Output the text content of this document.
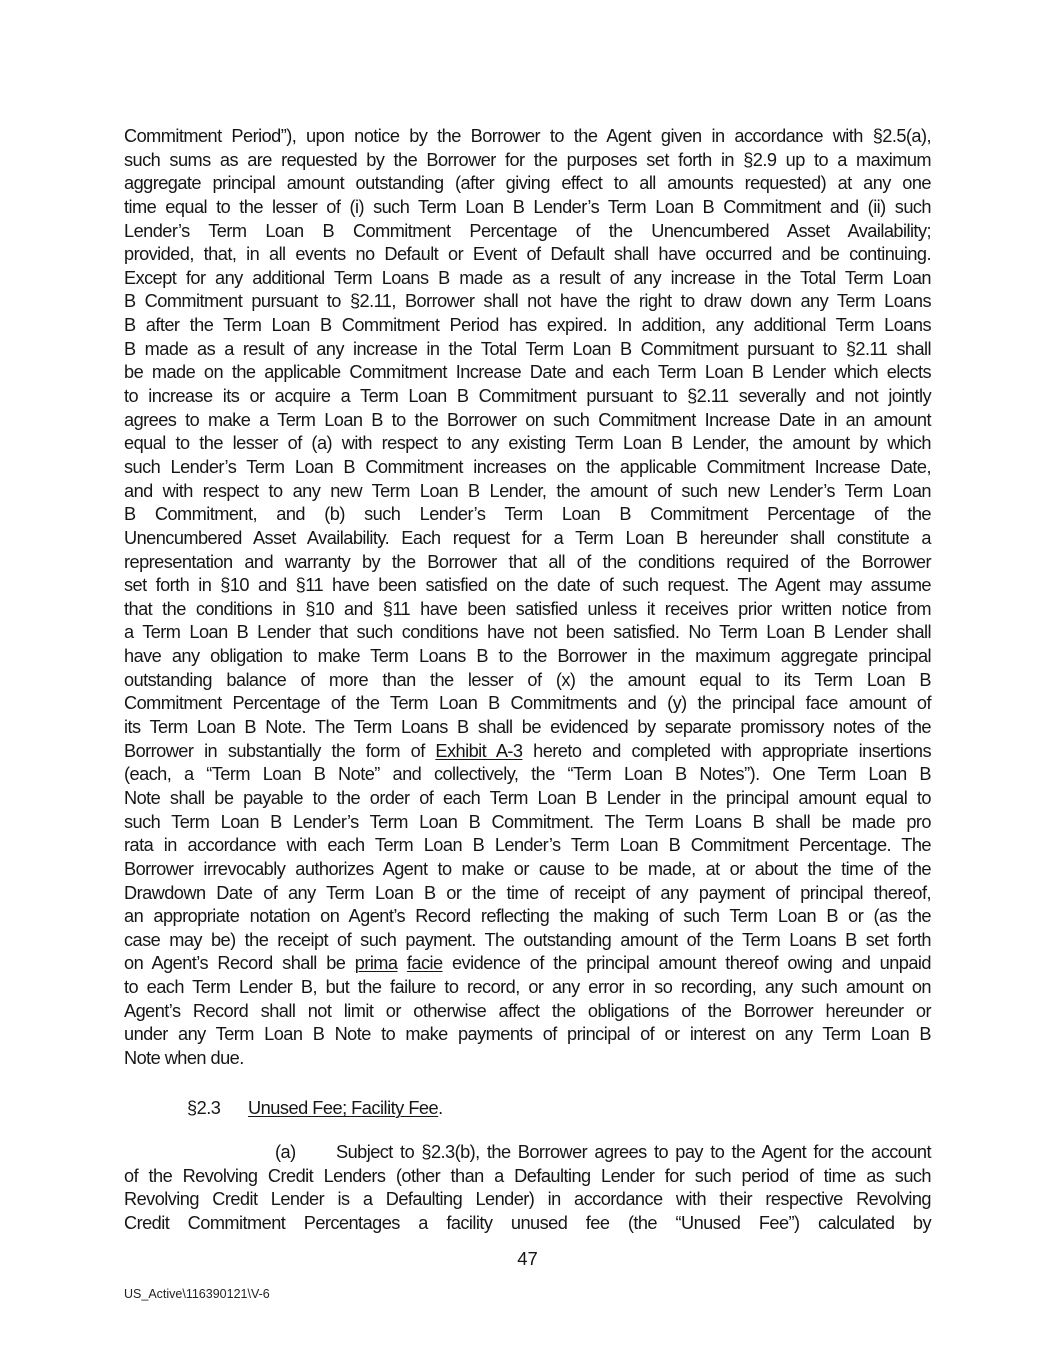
Commitment Period”), upon notice by the Borrower to the Agent given in accordance with §2.5(a),
such sums as are requested by the Borrower for the purposes set forth in §2.9 up to a maximum
aggregate principal amount outstanding (after giving effect to all amounts requested) at any one
time equal to the lesser of (i) such Term Loan B Lender’s Term Loan B Commitment and (ii) such
Lender’s Term Loan B Commitment Percentage of the Unencumbered Asset Availability;
provided, that, in all events no Default or Event of Default shall have occurred and be continuing.
Except for any additional Term Loans B made as a result of any increase in the Total Term Loan
B Commitment pursuant to §2.11, Borrower shall not have the right to draw down any Term Loans
B after the Term Loan B Commitment Period has expired. In addition, any additional Term Loans
B made as a result of any increase in the Total Term Loan B Commitment pursuant to §2.11 shall
be made on the applicable Commitment Increase Date and each Term Loan B Lender which elects
to increase its or acquire a Term Loan B Commitment pursuant to §2.11 severally and not jointly
agrees to make a Term Loan B to the Borrower on such Commitment Increase Date in an amount
equal to the lesser of (a) with respect to any existing Term Loan B Lender, the amount by which
such Lender’s Term Loan B Commitment increases on the applicable Commitment Increase Date,
and with respect to any new Term Loan B Lender, the amount of such new Lender’s Term Loan
B Commitment, and (b) such Lender’s Term Loan B Commitment Percentage of the
Unencumbered Asset Availability. Each request for a Term Loan B hereunder shall constitute a
representation and warranty by the Borrower that all of the conditions required of the Borrower
set forth in §10 and §11 have been satisfied on the date of such request. The Agent may assume
that the conditions in §10 and §11 have been satisfied unless it receives prior written notice from
a Term Loan B Lender that such conditions have not been satisfied. No Term Loan B Lender shall
have any obligation to make Term Loans B to the Borrower in the maximum aggregate principal
outstanding balance of more than the lesser of (x) the amount equal to its Term Loan B
Commitment Percentage of the Term Loan B Commitments and (y) the principal face amount of
its Term Loan B Note. The Term Loans B shall be evidenced by separate promissory notes of the
Borrower in substantially the form of Exhibit A-3 hereto and completed with appropriate insertions
(each, a “Term Loan B Note” and collectively, the “Term Loan B Notes”). One Term Loan B
Note shall be payable to the order of each Term Loan B Lender in the principal amount equal to
such Term Loan B Lender’s Term Loan B Commitment. The Term Loans B shall be made pro
rata in accordance with each Term Loan B Lender’s Term Loan B Commitment Percentage. The
Borrower irrevocably authorizes Agent to make or cause to be made, at or about the time of the
Drawdown Date of any Term Loan B or the time of receipt of any payment of principal thereof,
an appropriate notation on Agent’s Record reflecting the making of such Term Loan B or (as the
case may be) the receipt of such payment. The outstanding amount of the Term Loans B set forth
on Agent’s Record shall be prima facie evidence of the principal amount thereof owing and unpaid
to each Term Lender B, but the failure to record, or any error in so recording, any such amount on
Agent’s Record shall not limit or otherwise affect the obligations of the Borrower hereunder or
under any Term Loan B Note to make payments of principal of or interest on any Term Loan B
Note when due.
§2.3 Unused Fee; Facility Fee.
(a) Subject to §2.3(b), the Borrower agrees to pay to the Agent for the account
of the Revolving Credit Lenders (other than a Defaulting Lender for such period of time as such
Revolving Credit Lender is a Defaulting Lender) in accordance with their respective Revolving
Credit Commitment Percentages a facility unused fee (the “Unused Fee”) calculated by
47
US_Active\116390121\V-6
